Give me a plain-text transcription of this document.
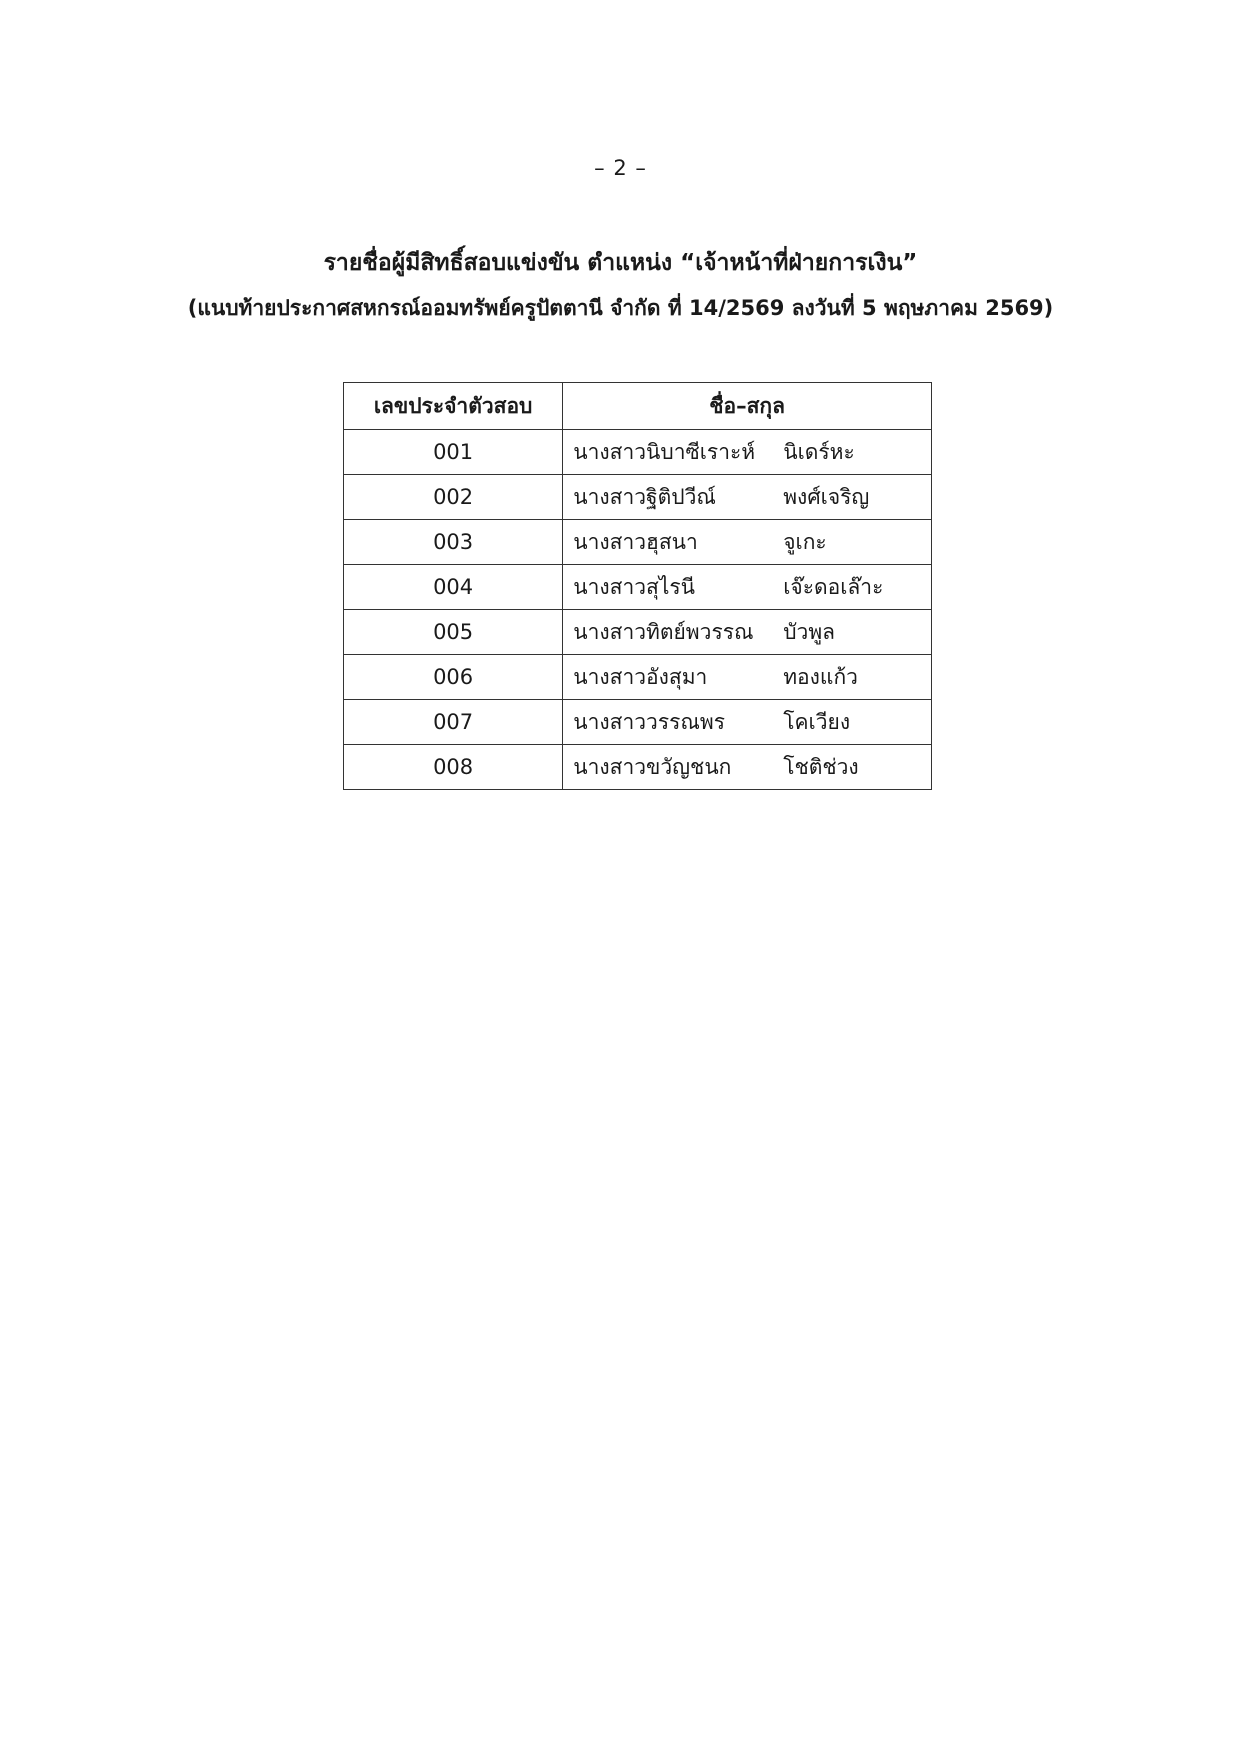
– 2 –
รายชื่อผู้มีสิทธิ์สอบแข่งขัน ตำแหน่ง “เจ้าหน้าที่ฝ่ายการเงิน”
(แนบท้ายประกาศสหกรณ์ออมทรัพย์ครูปัตตานี จำกัด ที่ 14/2569 ลงวันที่ 5 พฤษภาคม 2569)
เลขประจำตัวสอบ	ชื่อ–สกุล
001	นางสาวนิบาซีเราะห์ นิเดร์หะ

002	นางสาวฐิติปวีณ์ พงศ์เจริญ

003	นางสาวฮุสนา จูเกะ

004	นางสาวสุไรนี เจ๊ะดอเล๊าะ

005	นางสาวทิตย์พวรรณ บัวพูล

006	นางสาวอังสุมา ทองแก้ว

007	นางสาววรรณพร โคเวียง

008	นางสาวขวัญชนก โชติช่วง
